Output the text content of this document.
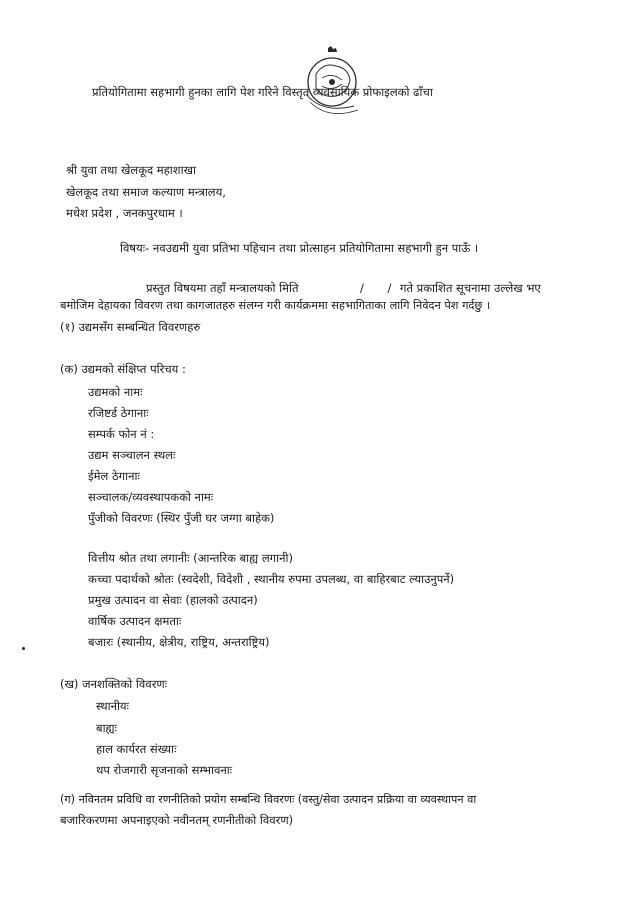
प्रतियोगितामा सहभागी हुनका लागि पेश गरिने विस्तृत व्यवसायिक प्रोफाइलको ढाँचा
श्री युवा तथा खेलकूद महाशाखा
खेलकूद तथा समाज कल्याण मन्त्रालय,
मधेश प्रदेश , जनकपुरधाम ।
विषयः- नवउद्यमी युवा प्रतिभा पहिचान तथा प्रोत्साहन प्रतियोगितामा सहभागी हुन पाऊँ ।
प्रस्तुत विषयमा तहाँ मन्त्रालयको मिति	/ /
गते प्रकाशित सूचनामा उल्लेख भए
बमोजिम देहायका विवरण तथा कागजातहरु संलग्न गरी कार्यक्रममा सहभागिताका लागि निवेदन पेश गर्दछु ।
(१) उद्यमसँग सम्बन्धित विवरणहरु
(क) उद्यमको संक्षिप्त परिचय :
उद्यमको नामः
रजिष्टर्ड ठेगानाः
सम्पर्क फोन नं :
उद्यम सञ्चालन स्थलः
ईमेल ठेगानाः
सञ्चालक/व्यवस्थापकको नामः
पुँजीको विवरणः (स्थिर पुँजी घर जग्गा बाहेक)
वित्तीय श्रोत तथा लगानीः (आन्तरिक बाह्य लगानी)
कच्चा पदार्थको श्रोतः (स्वदेशी, विदेशी , स्थानीय रुपमा उपलब्ध, वा बाहिरबाट ल्याउनुपर्ने)
प्रमुख उत्पादन वा सेवाः (हालको उत्पादन)
वार्षिक उत्पादन क्षमताः
बजारः (स्थानीय, क्षेत्रीय, राष्ट्रिय, अन्तराष्ट्रिय)
(ख) जनशक्तिको विवरणः
स्थानीयः
बाह्यः
हाल कार्यरत संख्याः
थप रोजगारी सृजनाको सम्भावनाः
(ग) नविनतम प्रविधि वा रणनीतिको प्रयोग सम्बन्धि विवरणः (वस्तु/सेवा उत्पादन प्रक्रिया वा व्यवस्थापन वा
बजारिकरणमा अपनाइएको नवीनतम् रणनीतीको विवरण)
